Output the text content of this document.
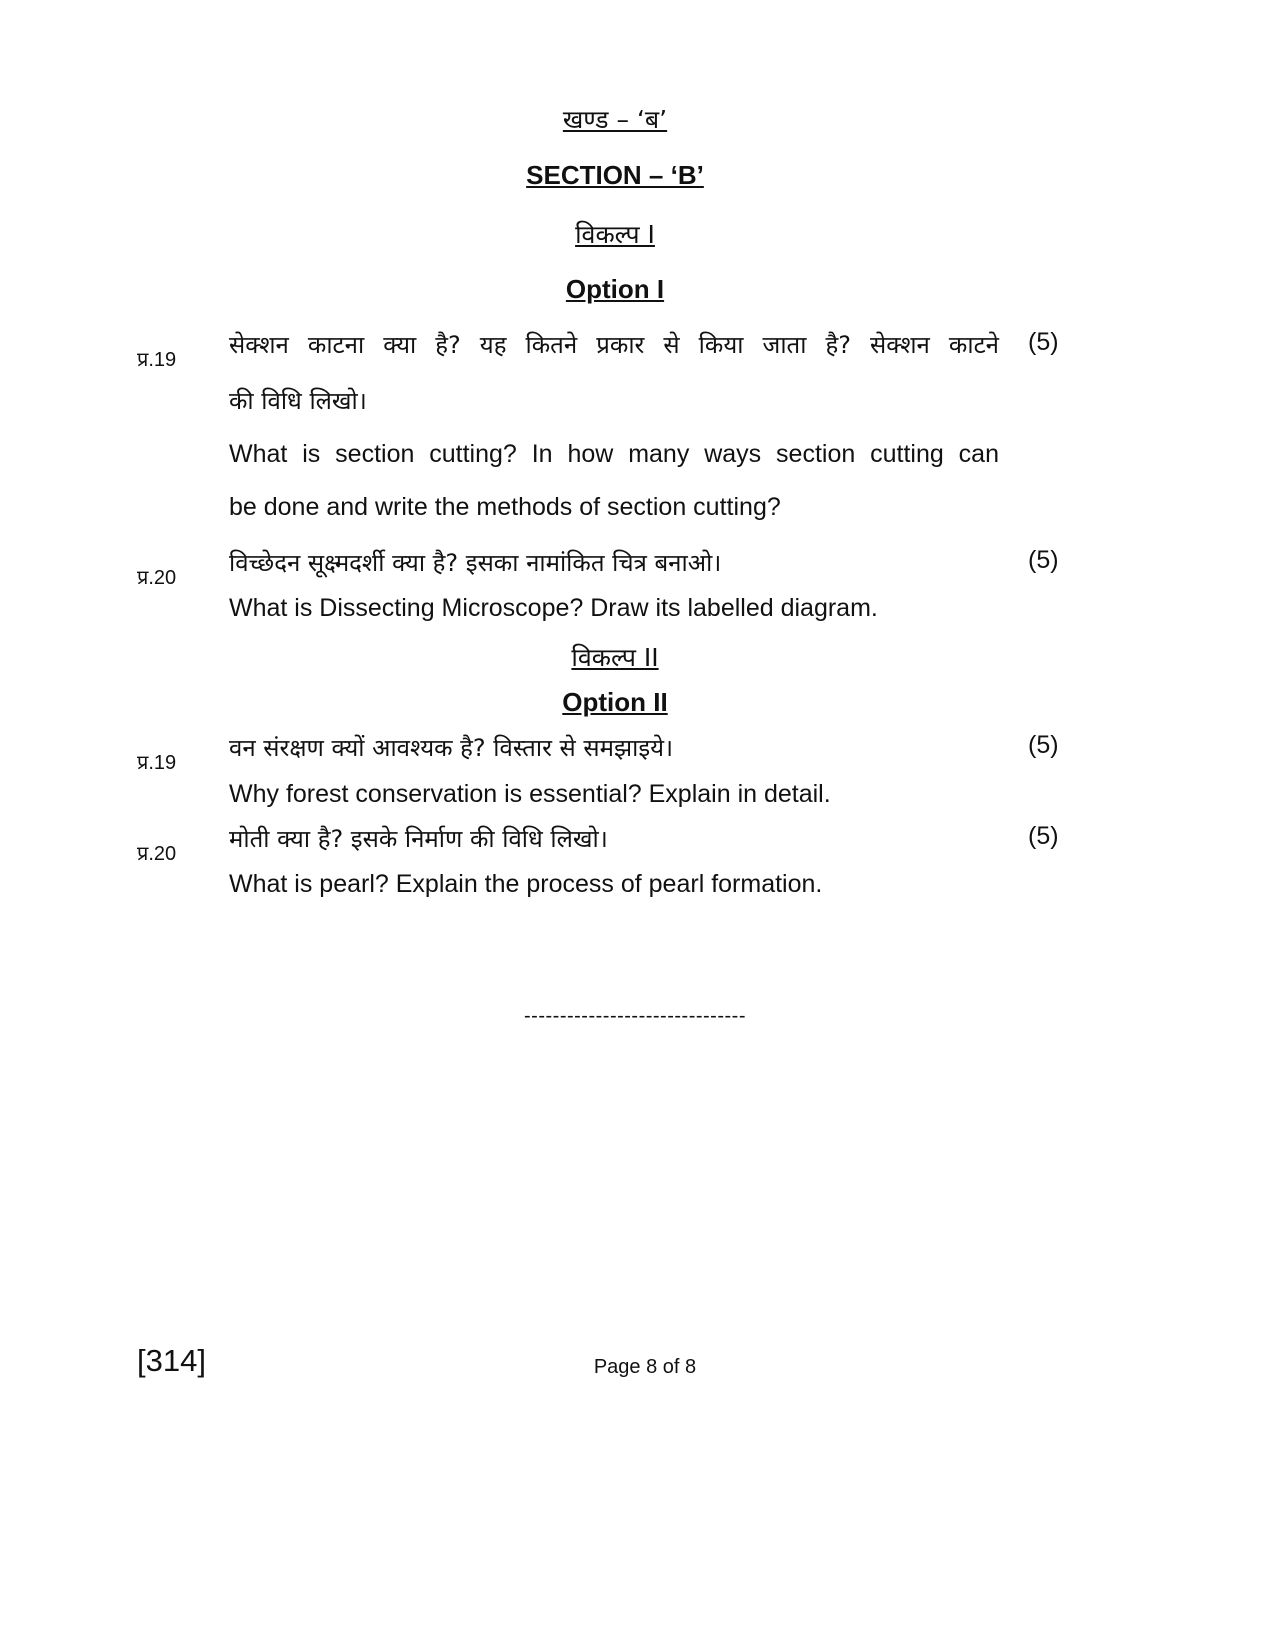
खण्ड – ‘ब’
SECTION – ‘B’
विकल्प I
Option I
प्र.19
सेक्शन काटना क्या है? यह कितने प्रकार से किया जाता है? सेक्शन काटने (5)
की विधि लिखो।
What is section cutting? In how many ways section cutting can
be done and write the methods of section cutting?
प्र.20
विच्छेदन सूक्ष्मदर्शी क्या है? इसका नामांकित चित्र बनाओ।	(5)
What is Dissecting Microscope? Draw its labelled diagram.
विकल्प II
Option II
प्र.19
वन संरक्षण क्यों आवश्यक है? विस्तार से समझाइये।	(5)
Why forest conservation is essential? Explain in detail.
प्र.20
मोती क्या है? इसके निर्माण की विधि लिखो।	(5)
What is pearl? Explain the process of pearl formation.
-------------------------------
[314]	Page 8 of 8
